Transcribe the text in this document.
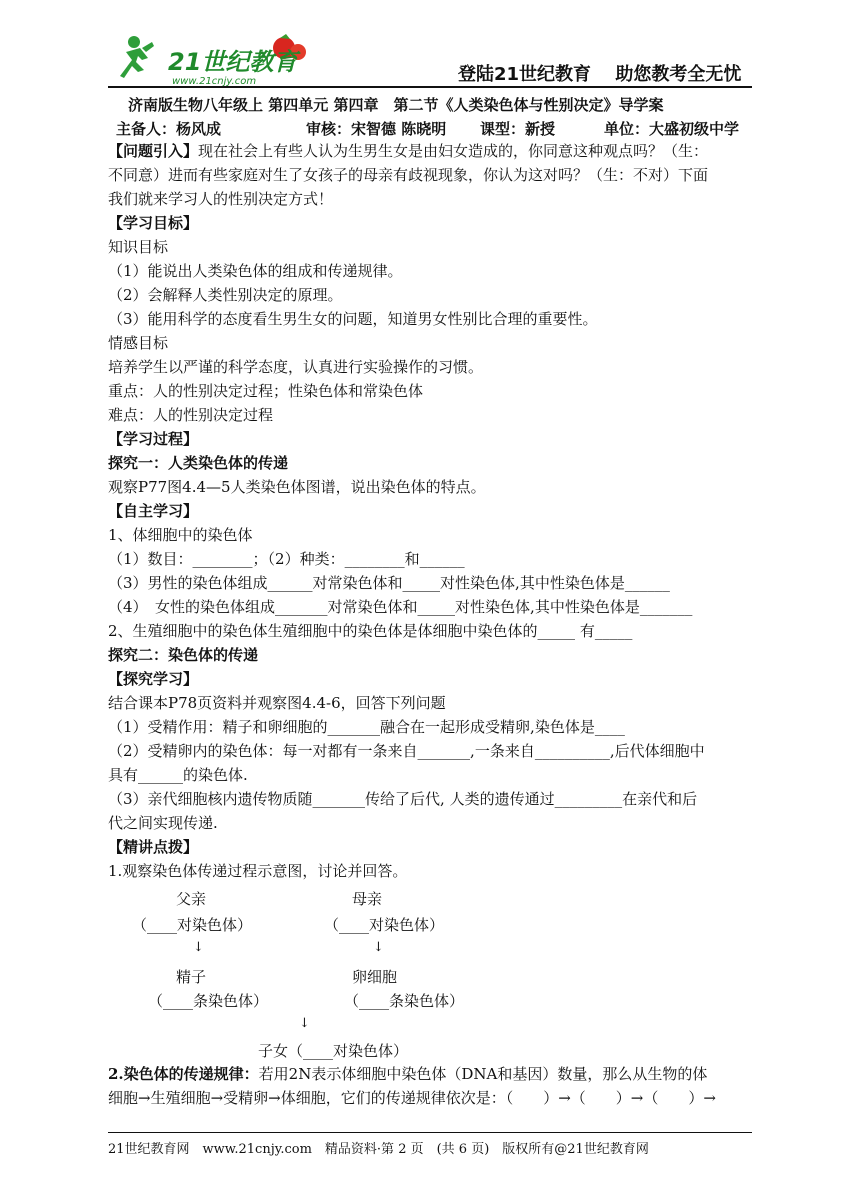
21世纪教育
www.21cnjy.com	登陆21世纪教育　 助您教考全无忧
济南版生物八年级上 第四单元 第四章　第二节《人类染色体与性别决定》导学案
主备人：杨风成	审核：宋智德 陈晓明 课型：新授	单位：大盛初级中学
【问题引入】现在社会上有些人认为生男生女是由妇女造成的，你同意这种观点吗？（生：
不同意）进而有些家庭对生了女孩子的母亲有歧视现象，你认为这对吗？（生：不对）下面
我们就来学习人的性别决定方式！
【学习目标】
知识目标
（1）能说出人类染色体的组成和传递规律。
（2）会解释人类性别决定的原理。
（3）能用科学的态度看生男生女的问题，知道男女性别比合理的重要性。
情感目标
培养学生以严谨的科学态度，认真进行实验操作的习惯。
重点：人的性别决定过程；性染色体和常染色体
难点：人的性别决定过程
【学习过程】
探究一：人类染色体的传递
观察P77图4.4—5人类染色体图谱，说出染色体的特点。
【自主学习】
1、体细胞中的染色体
（1）数目：________；（2）种类：________和______
（3）男性的染色体组成______对常染色体和_____对性染色体,其中性染色体是______
（4）　女性的染色体组成_______对常染色体和_____对性染色体,其中性染色体是_______
2、生殖细胞中的染色体生殖细胞中的染色体是体细胞中染色体的_____ 有_____
探究二：染色体的传递
【探究学习】
结合课本P78页资料并观察图4.4-6，回答下列问题
（1）受精作用：精子和卵细胞的_______融合在一起形成受精卵,染色体是____
（2）受精卵内的染色体：每一对都有一条来自_______,一条来自__________,后代体细胞中
具有______的染色体.
（3）亲代细胞核内遗传物质随_______传给了后代, 人类的遗传通过_________在亲代和后
代之间实现传递.
【精讲点拨】
1.观察染色体传递过程示意图，讨论并回答。
父亲
（____对染色体）
母亲
（____对染色体）
↓	↓
精子
（____条染色体）
卵细胞
（____条染色体）
↓
子女（____对染色体）
2.染色体的传递规律：若用2N表示体细胞中染色体（DNA和基因）数量，那么从生物的体
细胞→生殖细胞→受精卵→体细胞，它们的传递规律依次是：（　　）→（　　）→（　　）→
21世纪教育网　www.21cnjy.com　精品资料·第 2 页　(共 6 页)　版权所有@21世纪教育网
